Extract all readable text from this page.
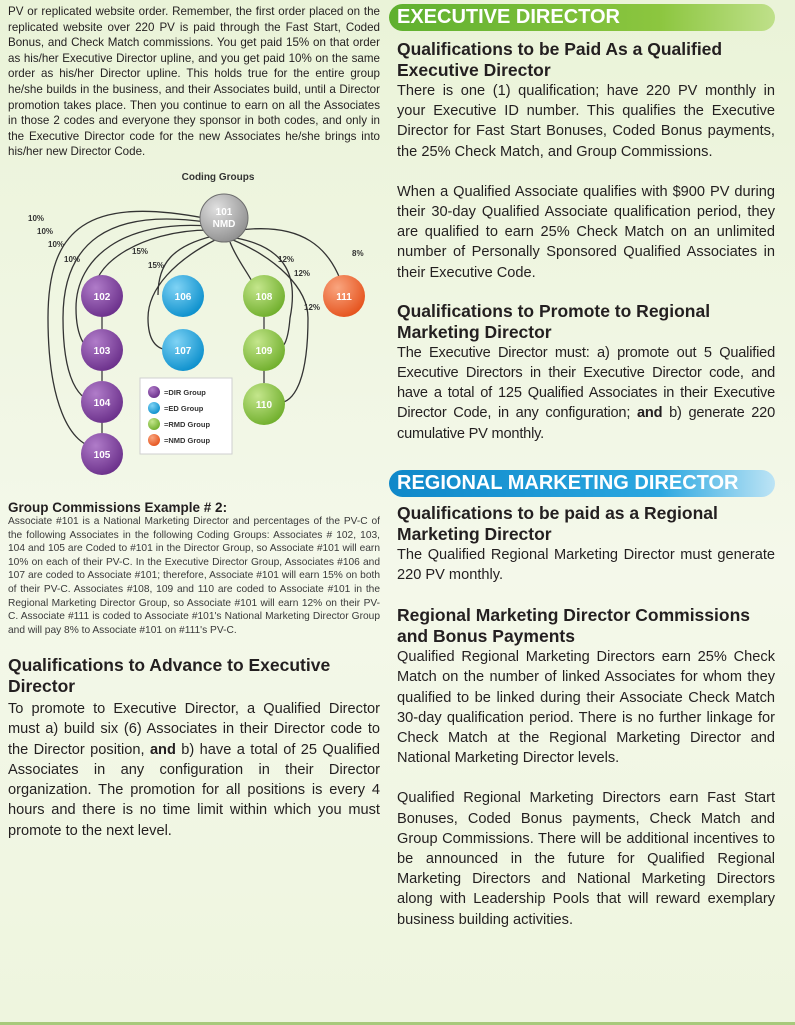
PV or replicated website order. Remember, the first order placed on the replicated website over 220 PV is paid through the Fast Start, Coded Bonus, and Check Match commissions. You get paid 15% on that order as his/her Executive Director upline, and you get paid 10% on the same order as his/her Director upline. This holds true for the entire group he/she builds in the business, and their Associates build, until a Director promotion takes place. Then you continue to earn on all the Associates in those 2 codes and everyone they sponsor in both codes, and only in the Executive Director code for the new Associates he/she brings into his/her new Director Code.

Coding Groups
10%
10%
10%
10%
15%
15%
12%
12%
12%
8%
101
NMD
102
103
104
105
106
107
108
109
110
111
=DIR Group
=ED Group
=RMD Group
=NMD Group

Group Commissions Example # 2:

Associate #101 is a National Marketing Director and percentages of the PV-C of the following Associates in the following Coding Groups: Associates # 102, 103, 104 and 105 are Coded to #101 in the Director Group, so Associate #101 will earn 10% on each of their PV-C. In the Executive Director Group, Associates #106 and 107 are coded to Associate #101; therefore, Associate #101 will earn 15% on both of their PV-C. Associates #108, 109 and 110 are coded to Associate #101 in the Regional Marketing Director Group, so Associate #101 will earn 12% on their PV-C. Associate #111 is coded to Associate #101's National Marketing Director Group and will pay 8% to Associate #101 on #111's PV-C.

Qualifications to Advance to Executive Director

To promote to Executive Director, a Qualified Director must a) build six (6) Associates in their Director code to the Director position, and b) have a total of 25 Qualified Associates in any configuration in their Director organization. The promotion for all positions is every 4 hours and there is no time limit within which you must promote to the next level.

EXECUTIVE DIRECTOR

Qualifications to be Paid As a Qualified Executive Director

There is one (1) qualification; have 220 PV monthly in your Executive ID number. This qualifies the Executive Director for Fast Start Bonuses, Coded Bonus payments, the 25% Check Match, and Group Commissions.

When a Qualified Associate qualifies with $900 PV during their 30-day Qualified Associate qualification period, they are qualified to earn 25% Check Match on an unlimited number of Personally Sponsored Qualified Associates in their Executive Code.

Qualifications to Promote to Regional Marketing Director

The Executive Director must: a) promote out 5 Qualified Executive Directors in their Executive Director code, and have a total of 125 Qualified Associates in their Executive Director Code, in any configuration; and b) generate 220 cumulative PV monthly.

REGIONAL MARKETING DIRECTOR

Qualifications to be paid as a Regional Marketing Director

The Qualified Regional Marketing Director must generate 220 PV monthly.

Regional Marketing Director Commissions and Bonus Payments

Qualified Regional Marketing Directors earn 25% Check Match on the number of linked Associates for whom they qualified to be linked during their Associate Check Match 30-day qualification period. There is no further linkage for Check Match at the Regional Marketing Director and National Marketing Director levels.

Qualified Regional Marketing Directors earn Fast Start Bonuses, Coded Bonus payments, Check Match and Group Commissions. There will be additional incentives to be announced in the future for Qualified Regional Marketing Directors and National Marketing Directors along with Leadership Pools that will reward exemplary business building activities.
